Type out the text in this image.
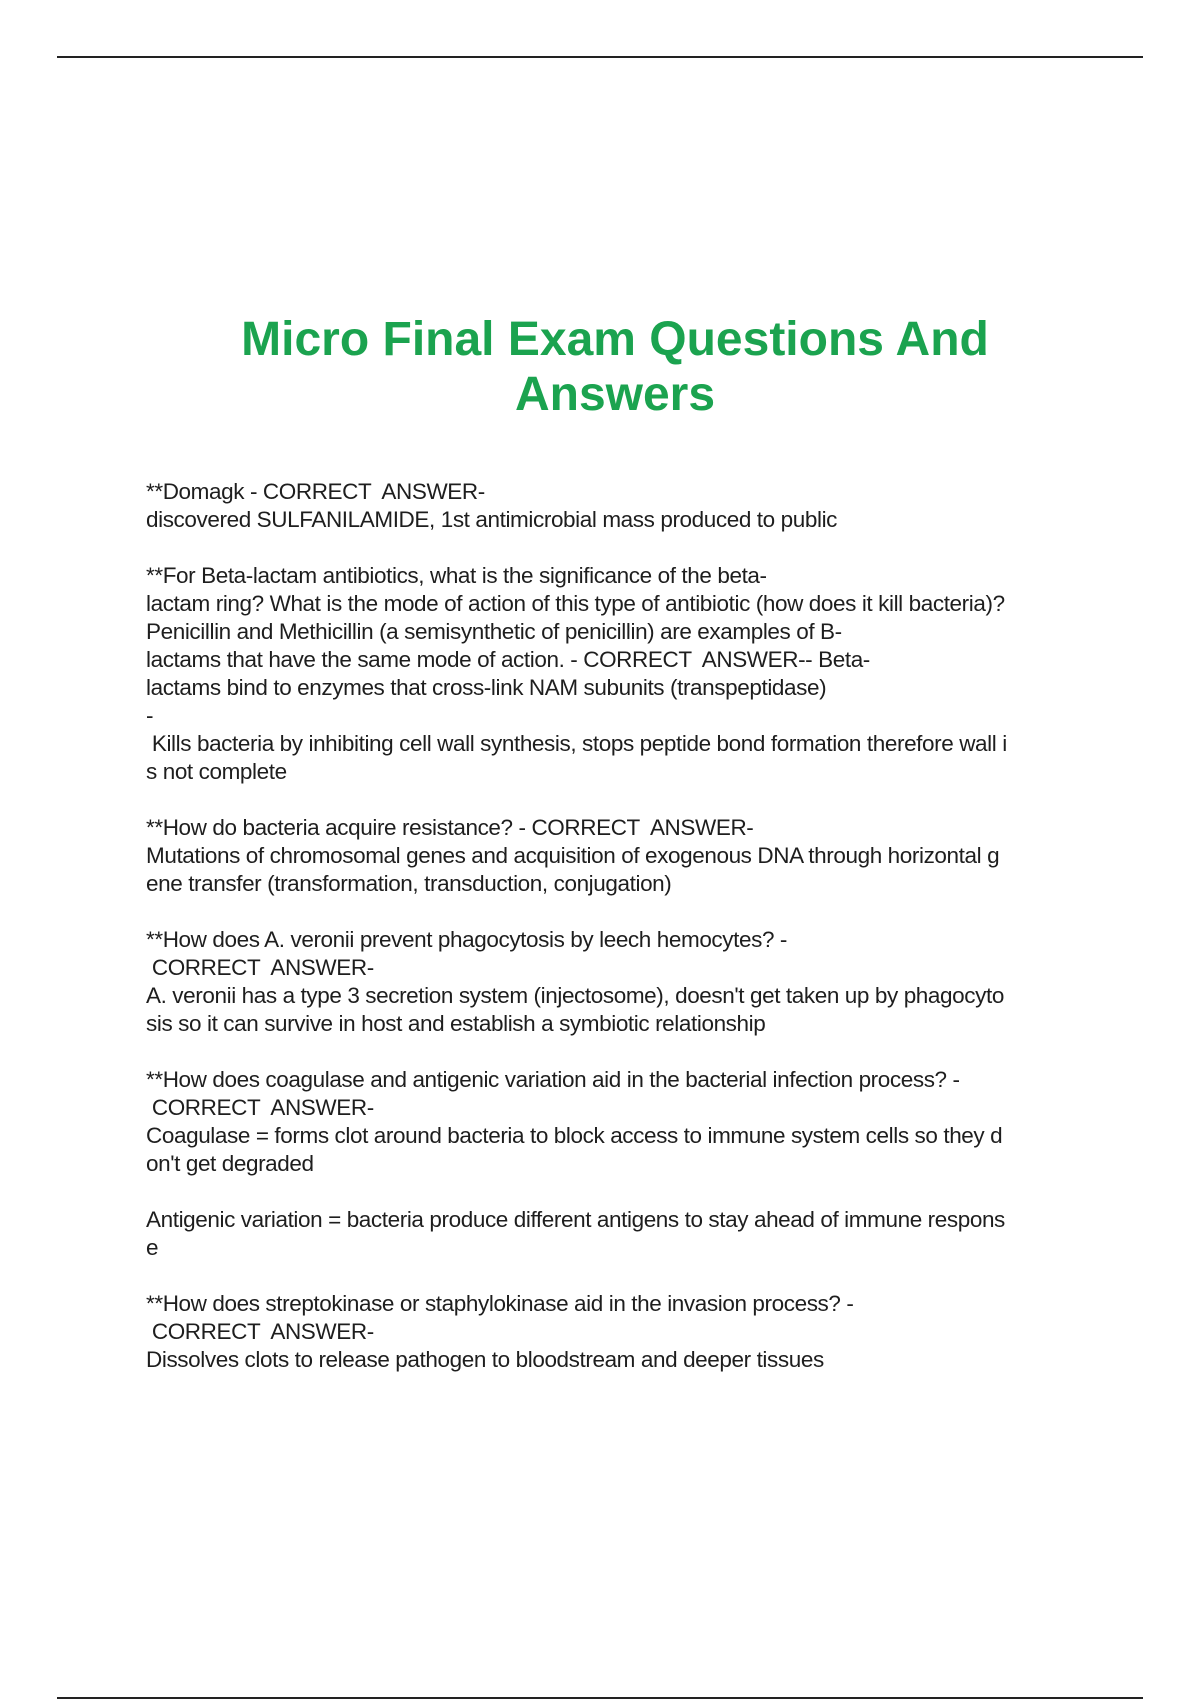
Micro Final Exam Questions And
Answers
**Domagk - CORRECT  ANSWER-
discovered SULFANILAMIDE, 1st antimicrobial mass produced to public
**For Beta-lactam antibiotics, what is the significance of the beta-
lactam ring? What is the mode of action of this type of antibiotic (how does it kill bacteria)?
Penicillin and Methicillin (a semisynthetic of penicillin) are examples of B-
lactams that have the same mode of action. - CORRECT  ANSWER-- Beta-
lactams bind to enzymes that cross-link NAM subunits (transpeptidase)
-
Kills bacteria by inhibiting cell wall synthesis, stops peptide bond formation therefore wall i
s not complete
**How do bacteria acquire resistance? - CORRECT  ANSWER-
Mutations of chromosomal genes and acquisition of exogenous DNA through horizontal g
ene transfer (transformation, transduction, conjugation)
**How does A. veronii prevent phagocytosis by leech hemocytes? -
CORRECT  ANSWER-
A. veronii has a type 3 secretion system (injectosome), doesn't get taken up by phagocyto
sis so it can survive in host and establish a symbiotic relationship
**How does coagulase and antigenic variation aid in the bacterial infection process? -
CORRECT  ANSWER-
Coagulase = forms clot around bacteria to block access to immune system cells so they d
on't get degraded
Antigenic variation = bacteria produce different antigens to stay ahead of immune respons
e
**How does streptokinase or staphylokinase aid in the invasion process? -
CORRECT  ANSWER-
Dissolves clots to release pathogen to bloodstream and deeper tissues
